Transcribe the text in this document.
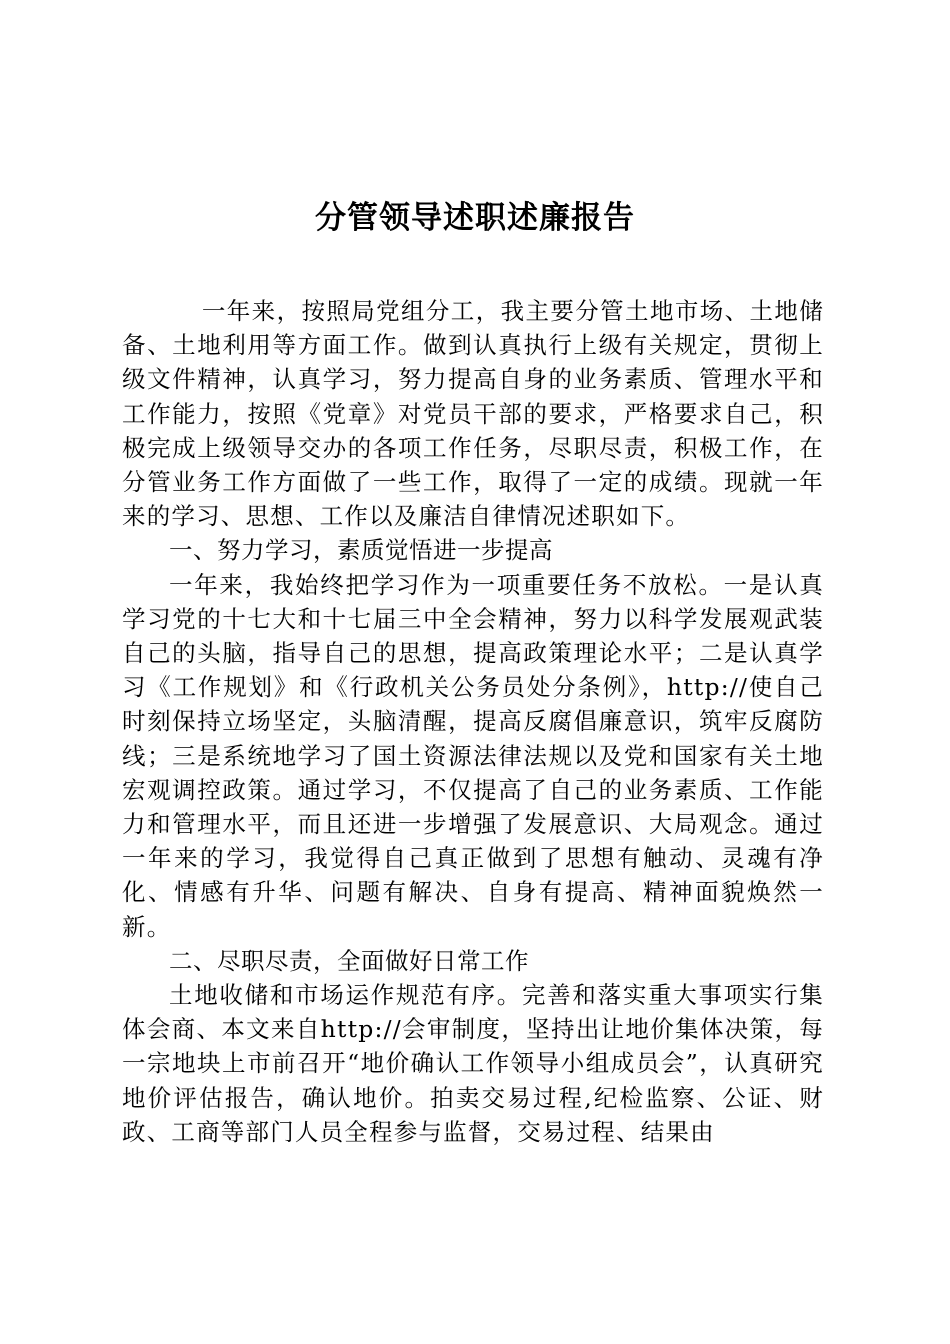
分管领导述职述廉报告

一年来，按照局党组分工，我主要分管土地市场、土地储备、土地利用等方面工作。做到认真执行上级有关规定，贯彻上级文件精神，认真学习，努力提高自身的业务素质、管理水平和工作能力，按照《党章》对党员干部的要求，严格要求自己，积极完成上级领导交办的各项工作任务，尽职尽责，积极工作，在分管业务工作方面做了一些工作，取得了一定的成绩。现就一年来的学习、思想、工作以及廉洁自律情况述职如下。

一、努力学习，素质觉悟进一步提高

一年来，我始终把学习作为一项重要任务不放松。一是认真学习党的十七大和十七届三中全会精神，努力以科学发展观武装自己的头脑，指导自己的思想，提高政策理论水平；二是认真学习《工作规划》和《行政机关公务员处分条例》，http://使自己时刻保持立场坚定，头脑清醒，提高反腐倡廉意识，筑牢反腐防线；三是系统地学习了国土资源法律法规以及党和国家有关土地宏观调控政策。通过学习，不仅提高了自己的业务素质、工作能力和管理水平，而且还进一步增强了发展意识、大局观念。通过一年来的学习，我觉得自己真正做到了思想有触动、灵魂有净化、情感有升华、问题有解决、自身有提高、精神面貌焕然一新。

二、尽职尽责，全面做好日常工作

土地收储和市场运作规范有序。完善和落实重大事项实行集体会商、本文来自http://会审制度，坚持出让地价集体决策，每一宗地块上市前召开“地价确认工作领导小组成员会”，认真研究地价评估报告，确认地价。拍卖交易过程,纪检监察、公证、财政、工商等部门人员全程参与监督，交易过程、结果由
